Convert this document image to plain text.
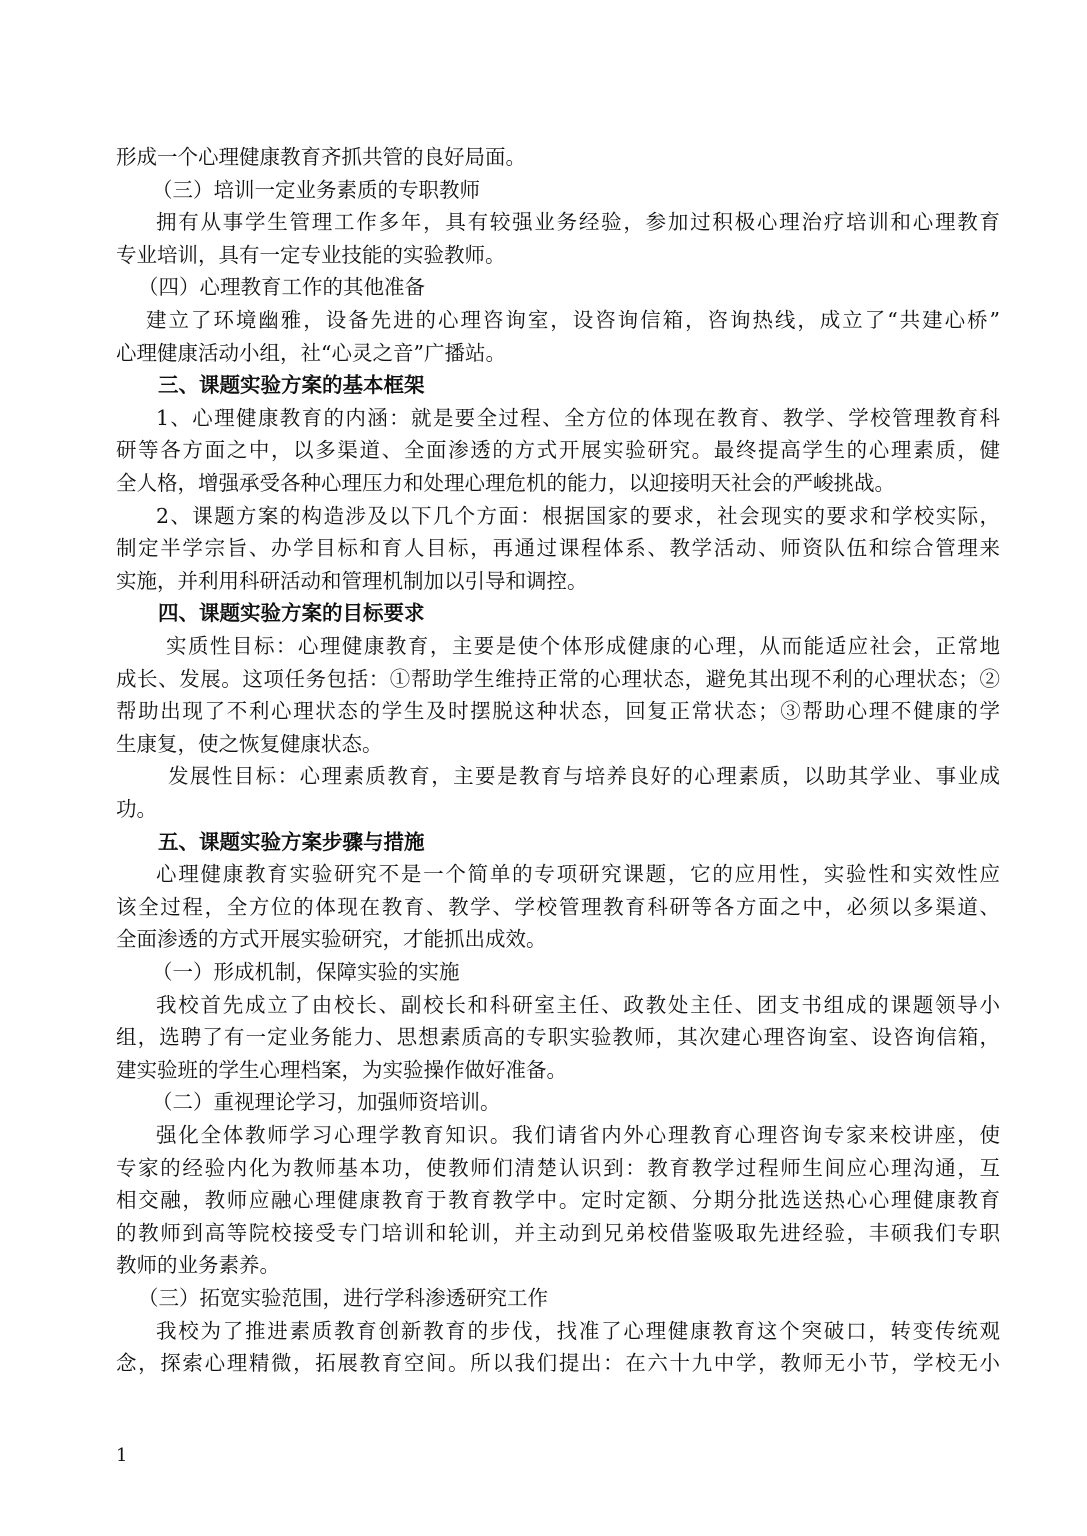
形成一个心理健康教育齐抓共管的良好局面。
（三）培训一定业务素质的专职教师
拥有从事学生管理工作多年，具有较强业务经验，参加过积极心理治疗培训和心理教育
专业培训，具有一定专业技能的实验教师。
（四）心理教育工作的其他准备
建立了环境幽雅，设备先进的心理咨询室，设咨询信箱，咨询热线，成立了“共建心桥”
心理健康活动小组，社“心灵之音”广播站。
三、课题实验方案的基本框架
1、心理健康教育的内涵：就是要全过程、全方位的体现在教育、教学、学校管理教育科
研等各方面之中，以多渠道、全面渗透的方式开展实验研究。最终提高学生的心理素质，健
全人格，增强承受各种心理压力和处理心理危机的能力，以迎接明天社会的严峻挑战。
2、课题方案的构造涉及以下几个方面：根据国家的要求，社会现实的要求和学校实际，
制定半学宗旨、办学目标和育人目标，再通过课程体系、教学活动、师资队伍和综合管理来
实施，并利用科研活动和管理机制加以引导和调控。
四、课题实验方案的目标要求
实质性目标：心理健康教育，主要是使个体形成健康的心理，从而能适应社会，正常地
成长、发展。这项任务包括：①帮助学生维持正常的心理状态，避免其出现不利的心理状态；②
帮助出现了不利心理状态的学生及时摆脱这种状态，回复正常状态；③帮助心理不健康的学
生康复，使之恢复健康状态。
发展性目标：心理素质教育，主要是教育与培养良好的心理素质，以助其学业、事业成
功。
五、课题实验方案步骤与措施
心理健康教育实验研究不是一个简单的专项研究课题，它的应用性，实验性和实效性应
该全过程，全方位的体现在教育、教学、学校管理教育科研等各方面之中，必须以多渠道、
全面渗透的方式开展实验研究，才能抓出成效。
（一）形成机制，保障实验的实施
我校首先成立了由校长、副校长和科研室主任、政教处主任、团支书组成的课题领导小
组，选聘了有一定业务能力、思想素质高的专职实验教师，其次建心理咨询室、设咨询信箱，
建实验班的学生心理档案，为实验操作做好准备。
（二）重视理论学习，加强师资培训。
强化全体教师学习心理学教育知识。我们请省内外心理教育心理咨询专家来校讲座，使
专家的经验内化为教师基本功，使教师们清楚认识到：教育教学过程师生间应心理沟通，互
相交融，教师应融心理健康教育于教育教学中。定时定额、分期分批选送热心心理健康教育
的教师到高等院校接受专门培训和轮训，并主动到兄弟校借鉴吸取先进经验，丰硕我们专职
教师的业务素养。
（三）拓宽实验范围，进行学科渗透研究工作
我校为了推进素质教育创新教育的步伐，找准了心理健康教育这个突破口，转变传统观
念，探索心理精微，拓展教育空间。所以我们提出：在六十九中学，教师无小节，学校无小
1
